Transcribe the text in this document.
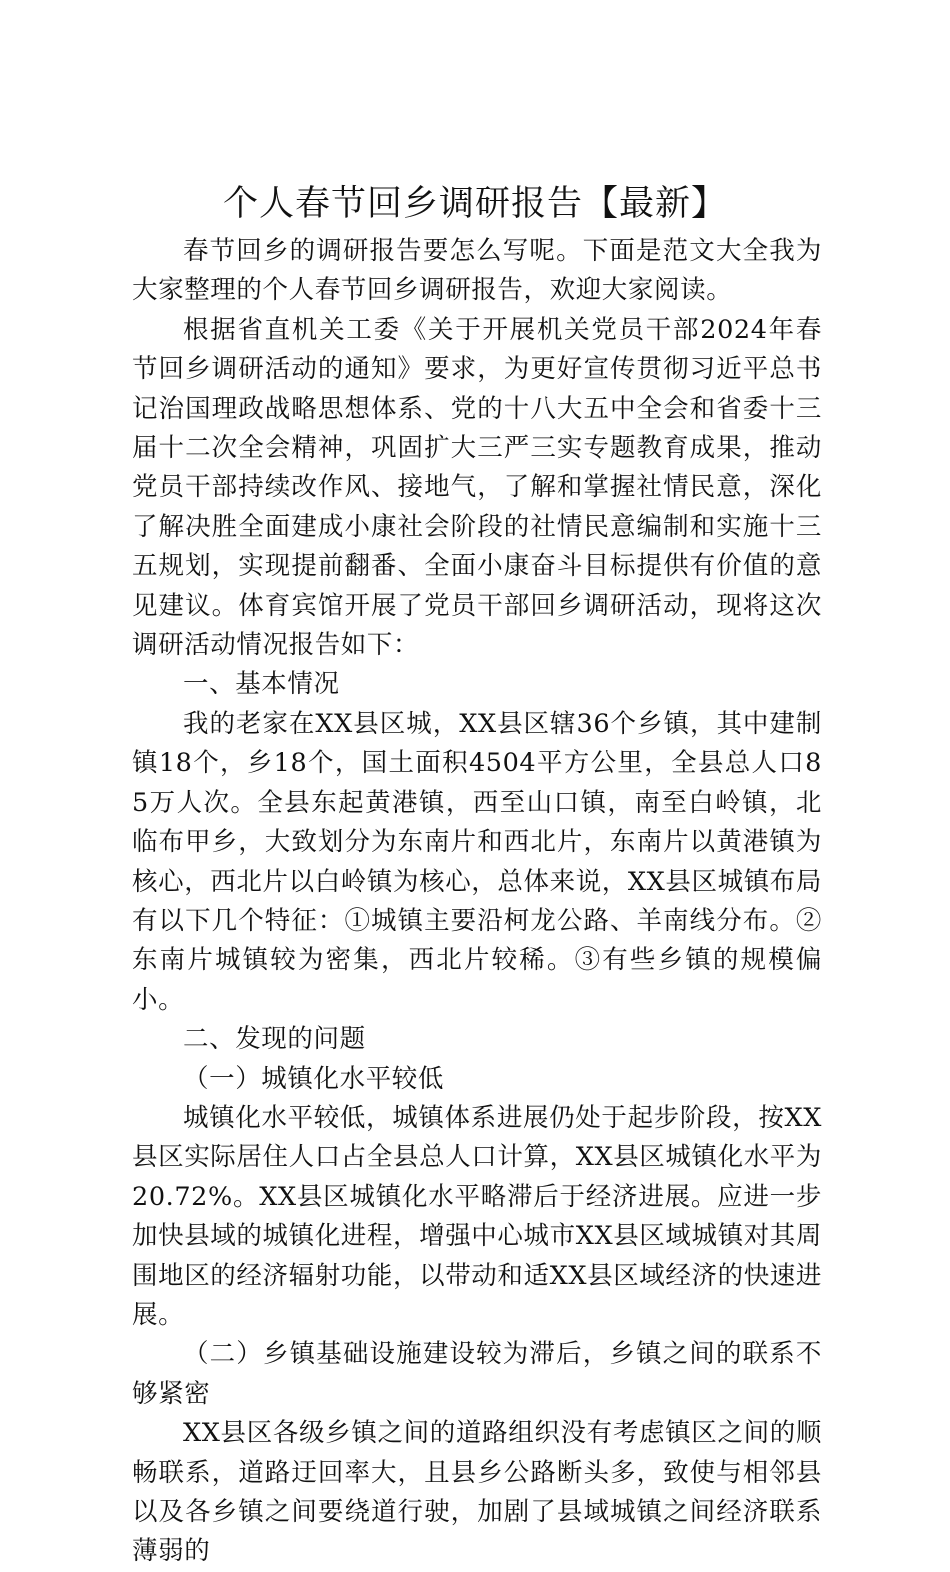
个人春节回乡调研报告【最新】

春节回乡的调研报告要怎么写呢。下面是范文大全我为大家整理的个人春节回乡调研报告，欢迎大家阅读。

根据省直机关工委《关于开展机关党员干部2024年春节回乡调研活动的通知》要求，为更好宣传贯彻习近平总书记治国理政战略思想体系、党的十八大五中全会和省委十三届十二次全会精神，巩固扩大三严三实专题教育成果，推动党员干部持续改作风、接地气，了解和掌握社情民意，深化了解决胜全面建成小康社会阶段的社情民意编制和实施十三五规划，实现提前翻番、全面小康奋斗目标提供有价值的意见建议。体育宾馆开展了党员干部回乡调研活动，现将这次调研活动情况报告如下：

一、基本情况

我的老家在XX县区城，XX县区辖36个乡镇，其中建制镇18个，乡18个，国土面积4504平方公里，全县总人口85万人次。全县东起黄港镇，西至山口镇，南至白岭镇，北临布甲乡，大致划分为东南片和西北片，东南片以黄港镇为核心，西北片以白岭镇为核心，总体来说，XX县区城镇布局有以下几个特征：①城镇主要沿柯龙公路、羊南线分布。②东南片城镇较为密集，西北片较稀。③有些乡镇的规模偏小。

二、发现的问题

（一）城镇化水平较低

城镇化水平较低，城镇体系进展仍处于起步阶段，按XX县区实际居住人口占全县总人口计算，XX县区城镇化水平为20.72%。XX县区城镇化水平略滞后于经济进展。应进一步加快县域的城镇化进程，增强中心城市XX县区域城镇对其周围地区的经济辐射功能，以带动和适XX县区域经济的快速进展。

（二）乡镇基础设施建设较为滞后，乡镇之间的联系不够紧密

XX县区各级乡镇之间的道路组织没有考虑镇区之间的顺畅联系，道路迂回率大，且县乡公路断头多，致使与相邻县以及各乡镇之间要绕道行驶，加剧了县域城镇之间经济联系薄弱的
